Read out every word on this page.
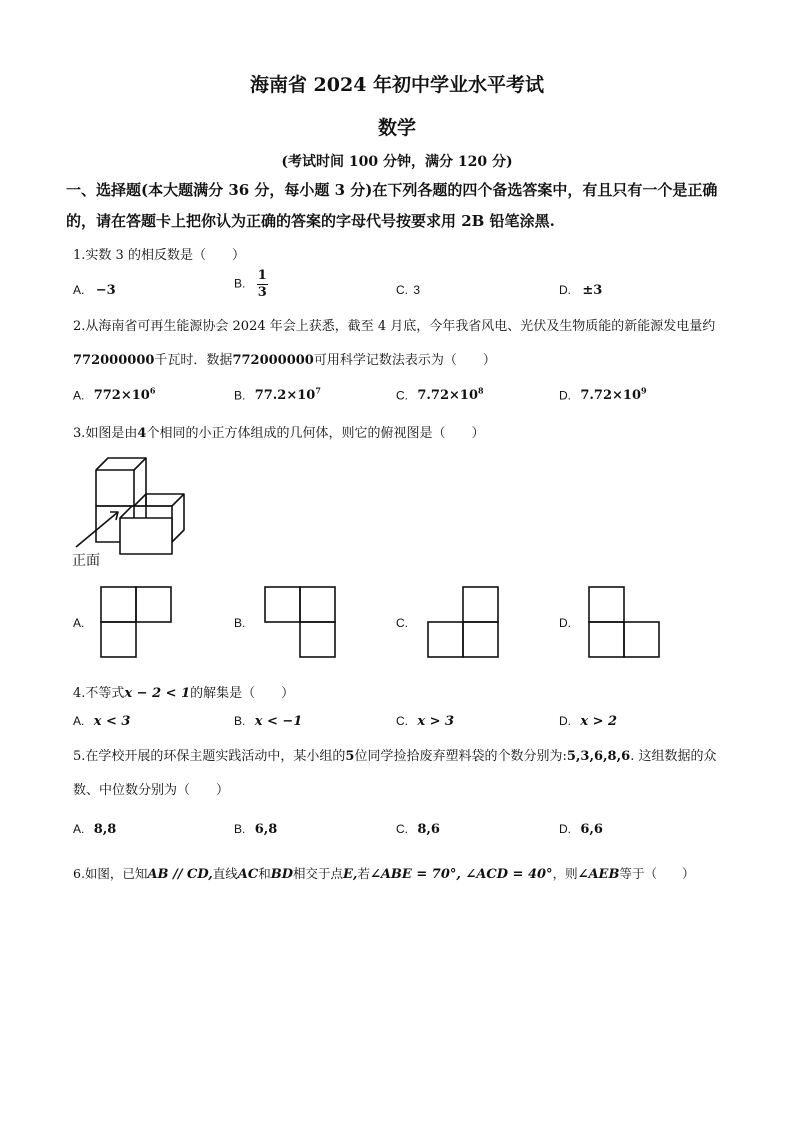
海南省 2024 年初中学业水平考试
数学
(考试时间 100 分钟，满分 120 分)
一、选择题(本大题满分 36 分，每小题 3 分)在下列各题的四个备选答案中，有且只有一个是正确的，请在答题卡上把你认为正确的答案的字母代号按要求用 2B 铅笔涂黑.
1.实数 3 的相反数是（　　）
A. −3	B. $\frac{1}{3}$	C. 3	D. ±3
2.从海南省可再生能源协会 2024 年会上获悉，截至 4 月底，今年我省风电、光伏及生物质能的新能源发电量约772000000千瓦时．数据772000000可用科学记数法表示为（　　）
A. $772\times 10^6$	B. $77.2\times 10^7$	C. $7.72\times 10^8$	D. $7.72\times 10^9$
3.如图是由4个相同的小正方体组成的几何体，则它的俯视图是（　　）
正面
A.	B.	C.	D.
4.不等式x − 2 < 1的解集是（　　）
A. x < 3	B. x < −1	C. x > 3	D. x > 2
5.在学校开展的环保主题实践活动中，某小组的5位同学捡拾废弃塑料袋的个数分别为:5,3,6,8,6. 这组数据的众数、中位数分别为（　　）
A. 8,8	B. 6,8	C. 8,6	D. 6,6
6.如图，已知AB // CD,直线AC和BD相交于点E,若∠ABE = 70°, ∠ACD = 40°，则∠AEB等于（　　）
